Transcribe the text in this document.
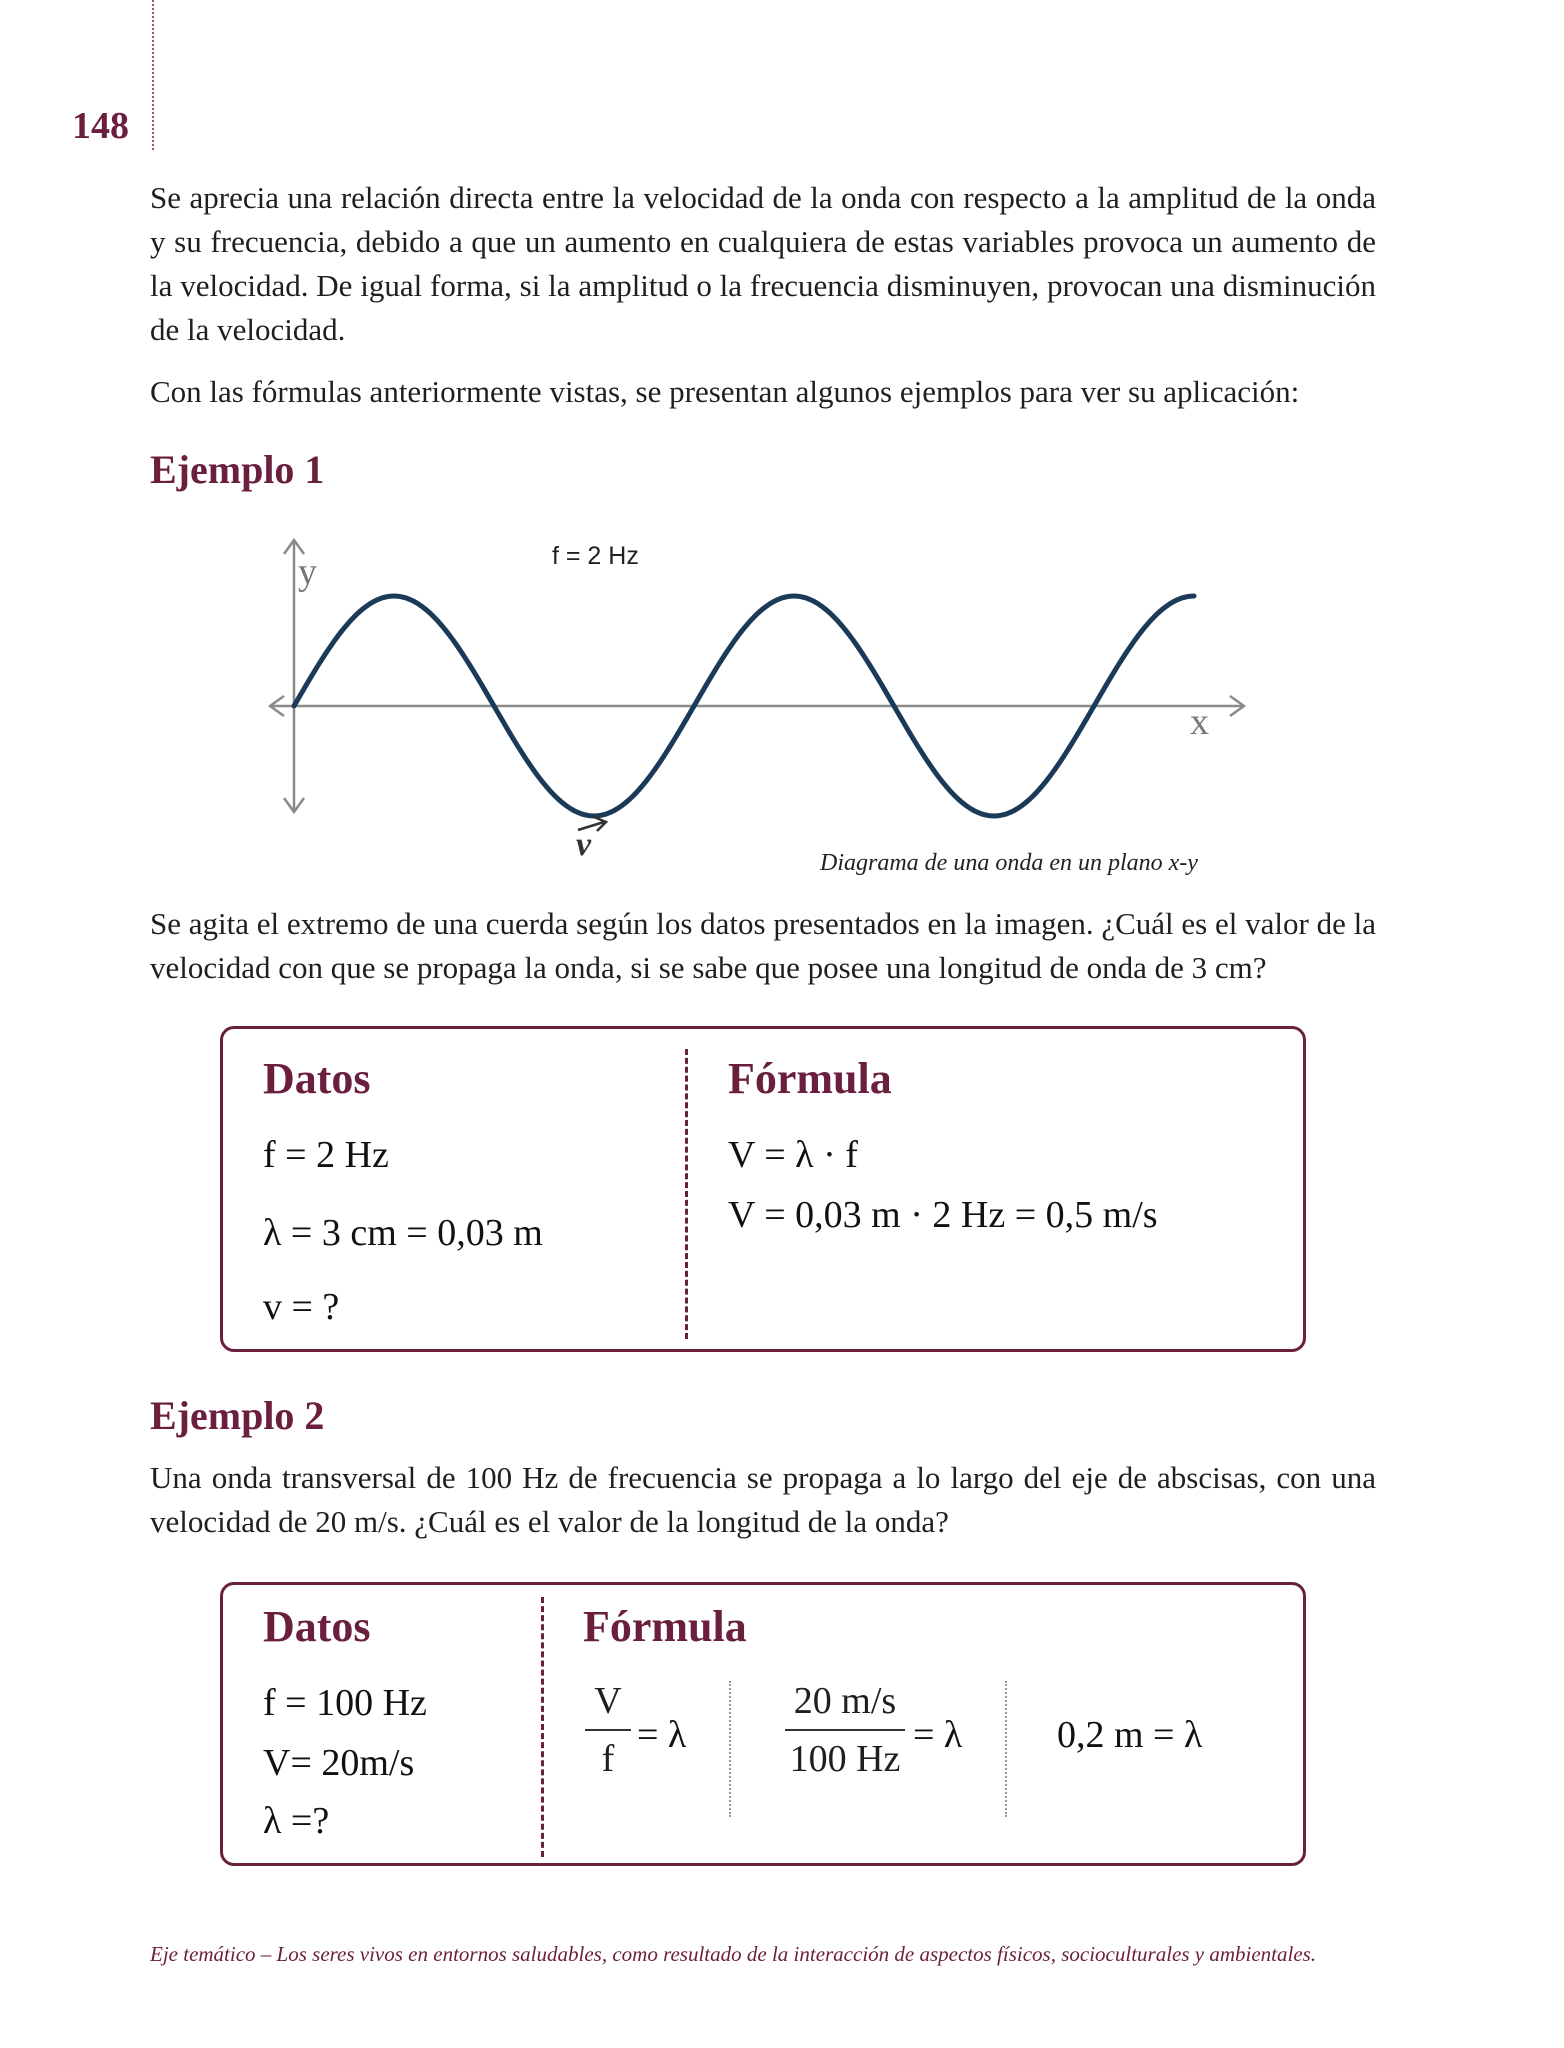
148

Se aprecia una relación directa entre la velocidad de la onda con respecto a la amplitud de la onda y su frecuencia, debido a que un aumento en cualquiera de estas variables provoca un aumento de la velocidad. De igual forma, si la amplitud o la frecuencia disminuyen, provocan una disminución de la velocidad.

Con las fórmulas anteriormente vistas, se presentan algunos ejemplos para ver su aplicación:

Ejemplo 1
f = 2 Hz
y
x
v	Diagrama de una onda en un plano x-y

Se agita el extremo de una cuerda según los datos presentados en la imagen. ¿Cuál es el valor de la velocidad con que se propaga la onda, si se sabe que posee una longitud de onda de 3 cm?

Datos
f = 2 Hz
λ = 3 cm = 0,03 m
v = ?
Fórmula
V = λ · f
V = 0,03 m · 2 Hz = 0,5 m/s
Ejemplo 2

Una onda transversal de 100 Hz de frecuencia se propaga a lo largo del eje de abscisas, con una velocidad de 20 m/s. ¿Cuál es el valor de la longitud de la onda?

Datos
f = 100 Hz
V= 20m/s
λ =?
Fórmula
$\frac{V}{f} = \lambda$	$\frac{20 m/s}{100 Hz} = \lambda$ 0,2 m = λ
Eje temático – Los seres vivos en entornos saludables, como resultado de la interacción de aspectos físicos, socioculturales y ambientales.
